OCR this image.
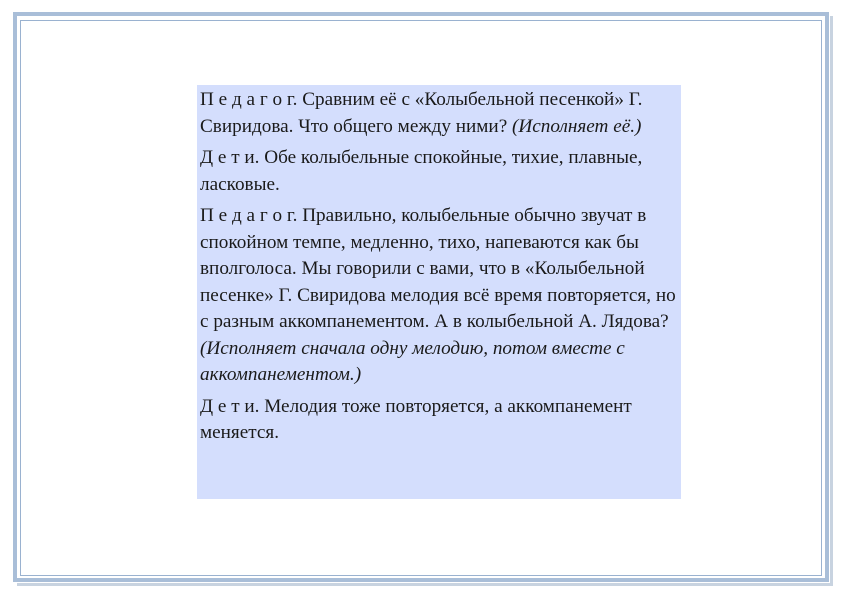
П е д а г о г. Сравним её с «Колыбельной песенкой» Г. Свиридова. Что общего между ними? (Исполняет её.)

Д е т и. Обе колыбельные спокойные, тихие, плавные, ласковые.

П е д а г о г. Правильно, колыбельные обычно звучат в спокойном темпе, медленно, тихо, напеваются как бы вполголоса. Мы говорили с вами, что в «Колыбельной песенке» Г. Свиридова мелодия всё время повторяется, но с разным аккомпанементом. А в колыбельной А. Лядова? (Исполняет сначала одну мелодию, потом вместе с аккомпанементом.)

Д е т и. Мелодия тоже повторяется, а аккомпанемент меняется.
